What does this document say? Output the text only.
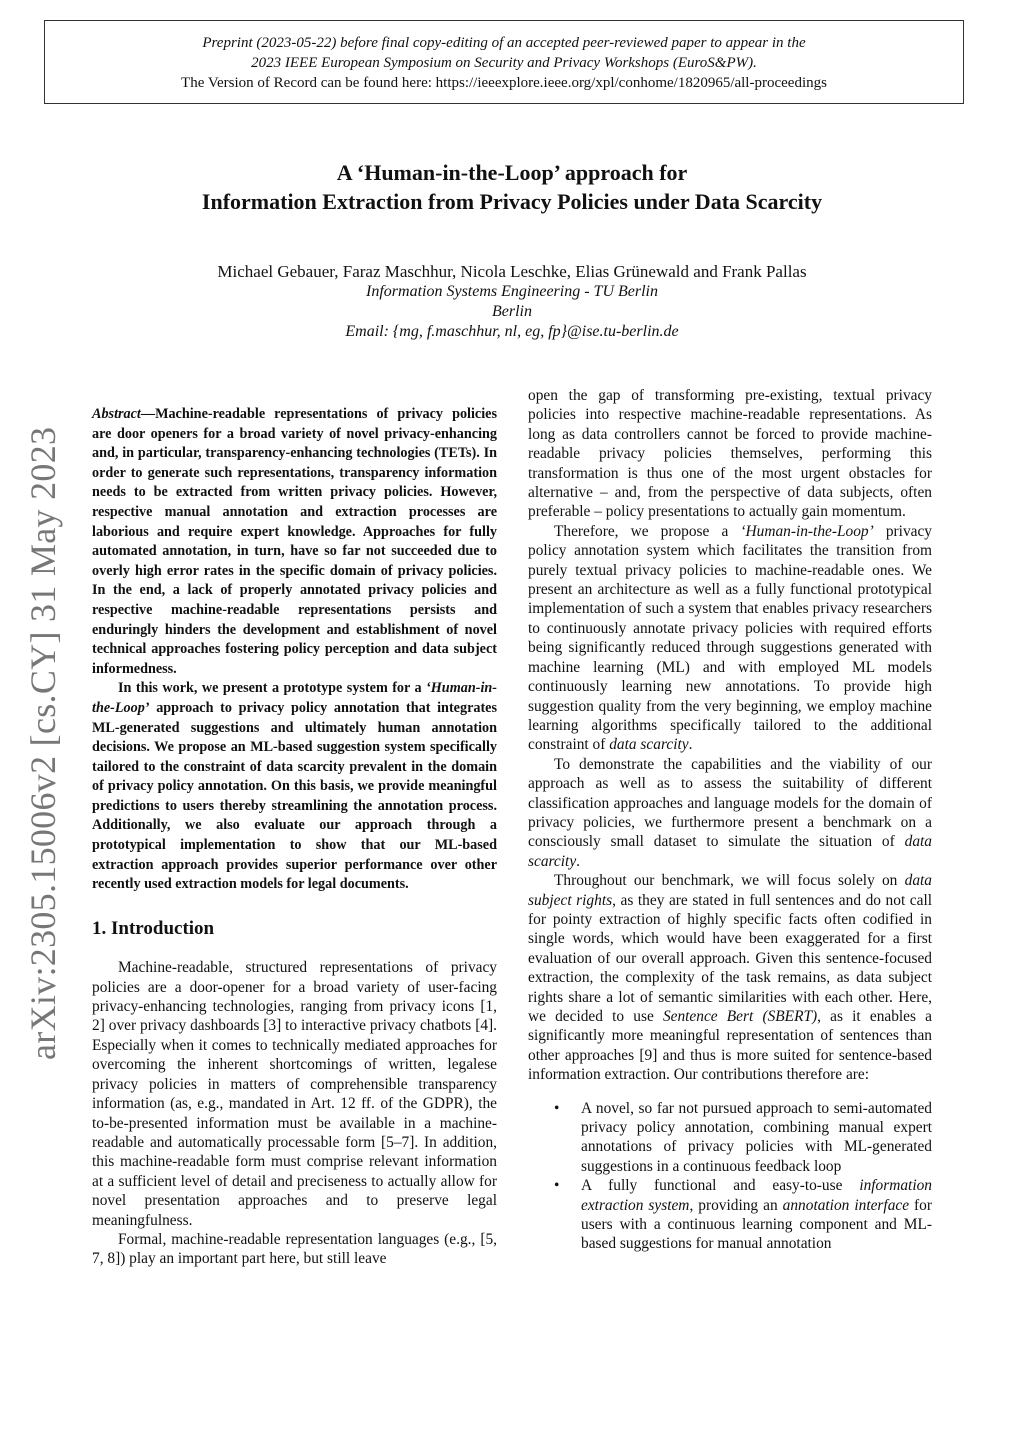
Preprint (2023-05-22) before final copy-editing of an accepted peer-reviewed paper to appear in the
2023 IEEE European Symposium on Security and Privacy Workshops (EuroS&PW).
The Version of Record can be found here: https://ieeexplore.ieee.org/xpl/conhome/1820965/all-proceedings
arXiv:2305.15006v2 [cs.CY] 31 May 2023
A ‘Human-in-the-Loop’ approach for
Information Extraction from Privacy Policies under Data Scarcity
Michael Gebauer, Faraz Maschhur, Nicola Leschke, Elias Grünewald and Frank Pallas
Information Systems Engineering - TU Berlin
Berlin
Email: {mg, f.maschhur, nl, eg, fp}@ise.tu-berlin.de

Abstract—Machine-readable representations of privacy policies are door openers for a broad variety of novel privacy-enhancing and, in particular, transparency-enhancing technologies (TETs). In order to generate such representations, transparency information needs to be extracted from written privacy policies. However, respective manual annotation and extraction processes are laborious and require expert knowledge. Approaches for fully automated annotation, in turn, have so far not succeeded due to overly high error rates in the specific domain of privacy policies. In the end, a lack of properly annotated privacy policies and respective machine-readable representations persists and enduringly hinders the development and establishment of novel technical approaches fostering policy perception and data subject informedness.

In this work, we present a prototype system for a ‘Human-in-the-Loop’ approach to privacy policy annotation that integrates ML-generated suggestions and ultimately human annotation decisions. We propose an ML-based suggestion system specifically tailored to the constraint of data scarcity prevalent in the domain of privacy policy annotation. On this basis, we provide meaningful predictions to users thereby streamlining the annotation process. Additionally, we also evaluate our approach through a prototypical implementation to show that our ML-based extraction approach provides superior performance over other recently used extraction models for legal documents.

1. Introduction

Machine-readable, structured representations of privacy policies are a door-opener for a broad variety of user-facing privacy-enhancing technologies, ranging from privacy icons [1, 2] over privacy dashboards [3] to interactive privacy chatbots [4]. Especially when it comes to technically mediated approaches for overcoming the inherent shortcomings of written, legalese privacy policies in matters of comprehensible transparency information (as, e.g., mandated in Art. 12 ff. of the GDPR), the to-be-presented information must be available in a machine-readable and automatically processable form [5–7]. In addition, this machine-readable form must comprise relevant information at a sufficient level of detail and preciseness to actually allow for novel presentation approaches and to preserve legal meaningfulness.

Formal, machine-readable representation languages (e.g., [5, 7, 8]) play an important part here, but still leave

open the gap of transforming pre-existing, textual privacy policies into respective machine-readable representations. As long as data controllers cannot be forced to provide machine-readable privacy policies themselves, performing this transformation is thus one of the most urgent obstacles for alternative – and, from the perspective of data subjects, often preferable – policy presentations to actually gain momentum.

Therefore, we propose a ‘Human-in-the-Loop’ privacy policy annotation system which facilitates the transition from purely textual privacy policies to machine-readable ones. We present an architecture as well as a fully functional prototypical implementation of such a system that enables privacy researchers to continuously annotate privacy policies with required efforts being significantly reduced through suggestions generated with machine learning (ML) and with employed ML models continuously learning new annotations. To provide high suggestion quality from the very beginning, we employ machine learning algorithms specifically tailored to the additional constraint of data scarcity.

To demonstrate the capabilities and the viability of our approach as well as to assess the suitability of different classification approaches and language models for the domain of privacy policies, we furthermore present a benchmark on a consciously small dataset to simulate the situation of data scarcity.

Throughout our benchmark, we will focus solely on data subject rights, as they are stated in full sentences and do not call for pointy extraction of highly specific facts often codified in single words, which would have been exaggerated for a first evaluation of our overall approach. Given this sentence-focused extraction, the complexity of the task remains, as data subject rights share a lot of semantic similarities with each other. Here, we decided to use Sentence Bert (SBERT), as it enables a significantly more meaningful representation of sentences than other approaches [9] and thus is more suited for sentence-based information extraction. Our contributions therefore are:

• A novel, so far not pursued approach to semi-automated privacy policy annotation, combining manual expert annotations of privacy policies with ML-generated suggestions in a continuous feedback loop
• A fully functional and easy-to-use information extraction system, providing an annotation interface for users with a continuous learning component and ML-based suggestions for manual annotation
